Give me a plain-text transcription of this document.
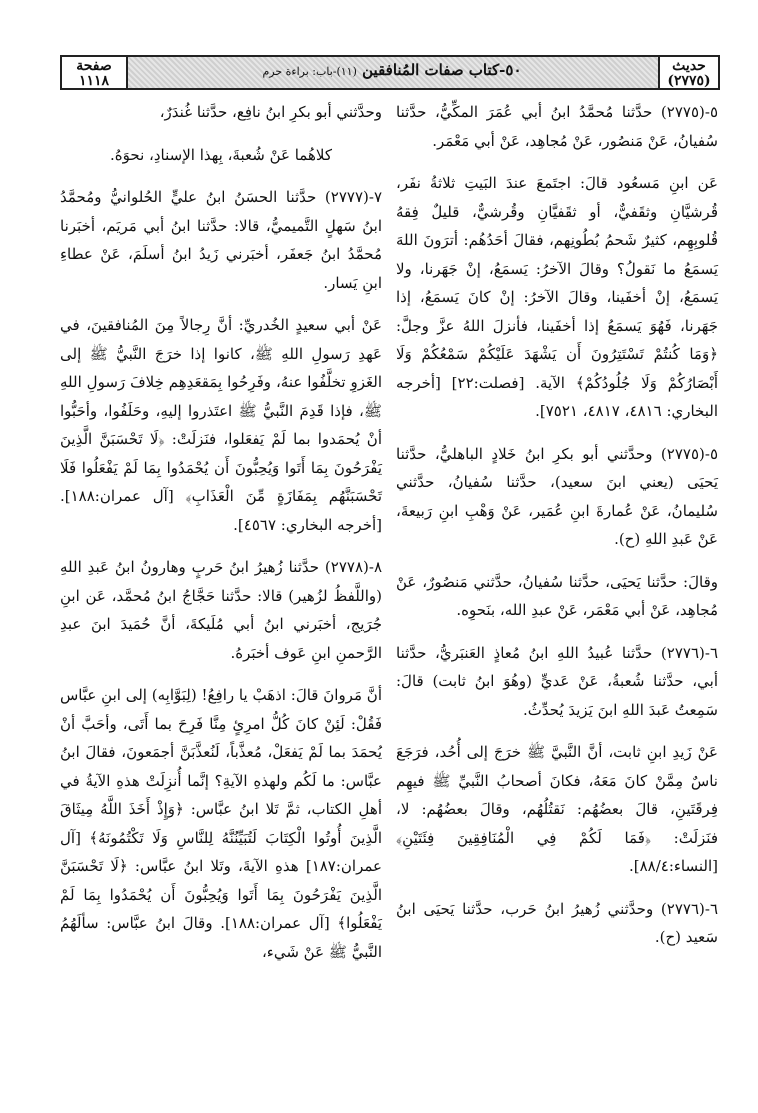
حديث
(٢٧٧٥)
٥٠-كتاب صفات المُنافقين (١١)-باب: براءة حرم
صفحة
١١١٨

٥-(٢٧٧٥) حدَّثنا مُحمَّدُ ابنُ أبي عُمَرَ المكِّيُّ، حدَّثنا سُفيانُ، عَنْ مَنصُور، عَنْ مُجاهِد، عَنْ أبي مَعْمَر.

عَن ابنِ مَسعُود قالَ: اجتَمعَ عندَ البَيتِ ثلاثةُ نفَر، قُرشيَّانِ وثقَفيٌّ، أو ثقَفيَّانِ وقُرشيٌّ، قليلٌ فِقهُ قُلوبِهِم، كثيرٌ شَحمُ بُطُونِهم، فقالَ أحَدُهُم: أترَونَ اللهَ يَسمَعُ ما نَقولُ؟ وقالَ الآخرُ: يَسمَعُ، إنْ جَهَرنا، ولا يَسمَعُ، إنْ أخفَينا، وقالَ الآخرُ: إنْ كانَ يَسمَعُ، إذا جَهَرنا، فَهُوَ يَسمَعُ إذا أخفَينا، فأنزلَ اللهُ عزَّ وجلَّ: ﴿وَمَا كُنتُمْ تَسْتَتِرُونَ أَن يَشْهَدَ عَلَيْكُمْ سَمْعُكُمْ وَلَا أَبْصَارُكُمْ وَلَا جُلُودُكُمْ﴾ الآية. [فصلت:٢٢] [أخرجه البخاري: ٤٨١٦، ٤٨١٧، ٧٥٢١].

٥-(٢٧٧٥) وحدَّثني أبو بكرِ ابنُ خَلادٍ الباهليُّ، حدَّثنا يَحيَى (يعني ابنَ سعيد)، حدَّثنا سُفيانُ، حدَّثني سُليمانُ، عَنْ عُمارةَ ابنِ عُمَير، عَنْ وَهْبِ ابنِ رَبيعةَ، عَنْ عَبدِ اللهِ (ح).

وقالَ: حدَّثنا يَحيَى، حدَّثنا سُفيانُ، حدَّثني مَنصُورٌ، عَنْ مُجاهِد، عَنْ أبي مَعْمَر، عَنْ عبدِ الله، بنَحوِه.

٦-(٢٧٧٦) حدَّثنا عُبيدُ اللهِ ابنُ مُعاذٍ العَنبَريُّ، حدَّثنا أبي، حدَّثنا شُعبةُ، عَنْ عَديٍّ (وهُوَ ابنُ ثابت) قالَ: سَمِعتُ عَبدَ اللهِ ابنَ يَزيدَ يُحدِّثُ.

عَنْ زَيدِ ابنِ ثابت، أنَّ النَّبيَّ ﷺ خرَجَ إلى أُحُد، فرَجَعَ ناسٌ مِمَّنْ كانَ مَعَهُ، فكانَ أصحابُ النَّبيِّ ﷺ فيهِم فِرقَتَينِ، قالَ بعضُهُم: نَقتُلُهُم، وقالَ بعضُهُم: لا، فنَزلَتْ: ﴿فَمَا لَكُمْ فِي الْمُنَافِقِينَ فِئَتَيْنِ﴾ [النساء:٨٨/٤].

٦-(٢٧٧٦) وحدَّثني زُهيرُ ابنُ حَرب، حدَّثنا يَحيَى ابنُ سَعيد (ح).

وحدَّثني أبو بكرِ ابنُ نافِع، حدَّثنا غُندَرٌ،

كلاهُما عَنْ شُعبةَ، بِهذا الإسنادِ، نحوَهُ.

٧-(٢٧٧٧) حدَّثنا الحسَنُ ابنُ عليٍّ الحُلوانيُّ ومُحمَّدُ ابنُ سَهلٍ التَّميميُّ، قالا: حدَّثنا ابنُ أبي مَريَم، أخبَرنا مُحمَّدُ ابنُ جَعفَر، أخبَرني زَيدُ ابنُ أسلَمَ، عَنْ عطاءِ ابنِ يَسار.

عَنْ أبي سعيدٍ الخُدريِّ: أنَّ رِجالاً مِنَ المُنافقينَ، في عَهدِ رَسولِ اللهِ ﷺ، كانوا إذا خرَجَ النَّبيُّ ﷺ إلى الغَزوِ تخلَّفُوا عنهُ، وفَرِحُوا بِمَقعَدِهِم خِلافَ رَسولِ اللهِ ﷺ، فإذا قَدِمَ النَّبيُّ ﷺ اعتَذروا إليهِ، وحَلَفُوا، وأحَبُّوا أنْ يُحمَدوا بما لَمْ يَفعَلوا، فنَزلَتْ: ﴿لَا تَحْسَبَنَّ الَّذِينَ يَفْرَحُونَ بِمَا أَتَوا وَيُحِبُّونَ أَن يُحْمَدُوا بِمَا لَمْ يَفْعَلُوا فَلَا تَحْسَبَنَّهُم بِمَفَازَةٍ مِّنَ الْعَذَابِ﴾ [آل عمران:١٨٨]. [أخرجه البخاري: ٤٥٦٧].

٨-(٢٧٧٨) حدَّثنا زُهيرُ ابنُ حَربٍ وهارونُ ابنُ عَبدِ اللهِ (واللَّفظُ لزُهير) قالا: حدَّثنا حَجَّاجُ ابنُ مُحمَّد، عَن ابنِ جُرَيج، أخبَرني ابنُ أبي مُلَيكةَ، أنَّ حُمَيدَ ابنَ عبدِ الرَّحمنِ ابنِ عَوف أخبَرهُ.

أنَّ مَروانَ قالَ: اذهَبْ يا رافِعُ! (لِبَوَّابِه) إلى ابنِ عبَّاس فَقُلْ: لَئِنْ كانَ كُلُّ امرِئٍ مِنَّا فَرِحَ بما أَتَى، وأحَبَّ أنْ يُحمَدَ بما لَمْ يَفعَلْ، مُعذَّباً، لَنُعذَّبَنَّ أجمَعونَ، فقالَ ابنُ عبَّاس: ما لَكُم ولهذهِ الآيةِ؟ إنَّما أُنزِلَتْ هذهِ الآيةُ في أهلِ الكتاب، ثمَّ تَلا ابنُ عبَّاس: ﴿وَإِذْ أَخَذَ اللَّهُ مِيثَاقَ الَّذِينَ أُوتُوا الْكِتَابَ لَتُبَيِّنُنَّهُ لِلنَّاسِ وَلَا تَكْتُمُونَهُ﴾ [آل عمران:١٨٧] هذهِ الآيةَ، وتَلا ابنُ عبَّاس: ﴿لَا تَحْسَبَنَّ الَّذِينَ يَفْرَحُونَ بِمَا أَتَوا وَيُحِبُّونَ أَن يُحْمَدُوا بِمَا لَمْ يَفْعَلُوا﴾ [آل عمران:١٨٨]. وقالَ ابنُ عبَّاس: سألَهُمُ النَّبيُّ ﷺ عَنْ شَيء،
